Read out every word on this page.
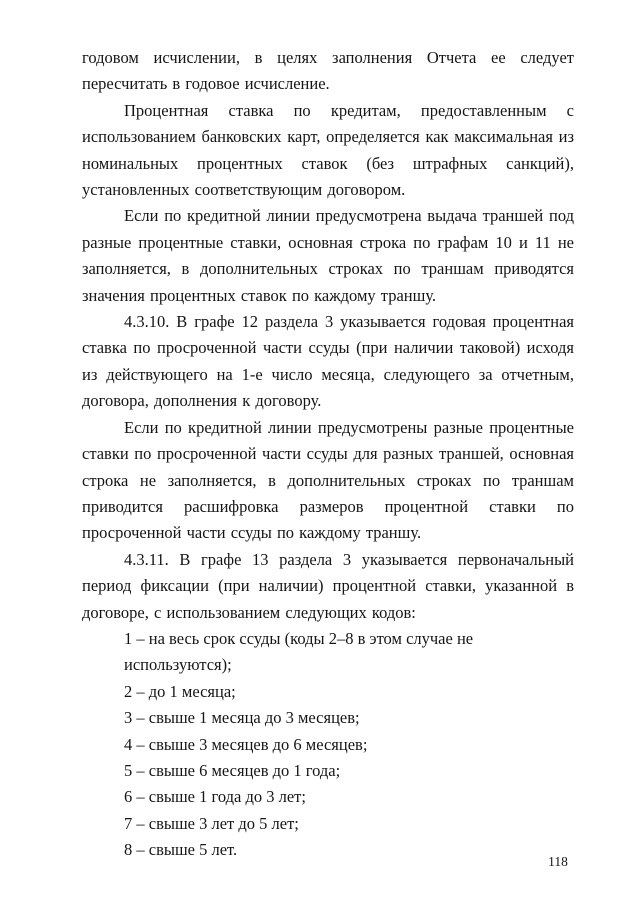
годовом исчислении, в целях заполнения Отчета ее следует пересчитать в годовое исчисление.

Процентная ставка по кредитам, предоставленным с использованием банковских карт, определяется как максимальная из номинальных процентных ставок (без штрафных санкций), установленных соответствующим договором.

Если по кредитной линии предусмотрена выдача траншей под разные процентные ставки, основная строка по графам 10 и 11 не заполняется, в дополнительных строках по траншам приводятся значения процентных ставок по каждому траншу.

4.3.10. В графе 12 раздела 3 указывается годовая процентная ставка по просроченной части ссуды (при наличии таковой) исходя из действующего на 1-е число месяца, следующего за отчетным, договора, дополнения к договору.

Если по кредитной линии предусмотрены разные процентные ставки по просроченной части ссуды для разных траншей, основная строка не заполняется, в дополнительных строках по траншам приводится расшифровка размеров процентной ставки по просроченной части ссуды по каждому траншу.

4.3.11. В графе 13 раздела 3 указывается первоначальный период фиксации (при наличии) процентной ставки, указанной в договоре, с использованием следующих кодов:

1 – на весь срок ссуды (коды 2–8 в этом случае не используются);

2 – до 1 месяца;

3 – свыше 1 месяца до 3 месяцев;

4 – свыше 3 месяцев до 6 месяцев;

5 – свыше 6 месяцев до 1 года;

6 – свыше 1 года до 3 лет;

7 – свыше 3 лет до 5 лет;

8 – свыше 5 лет.

118
